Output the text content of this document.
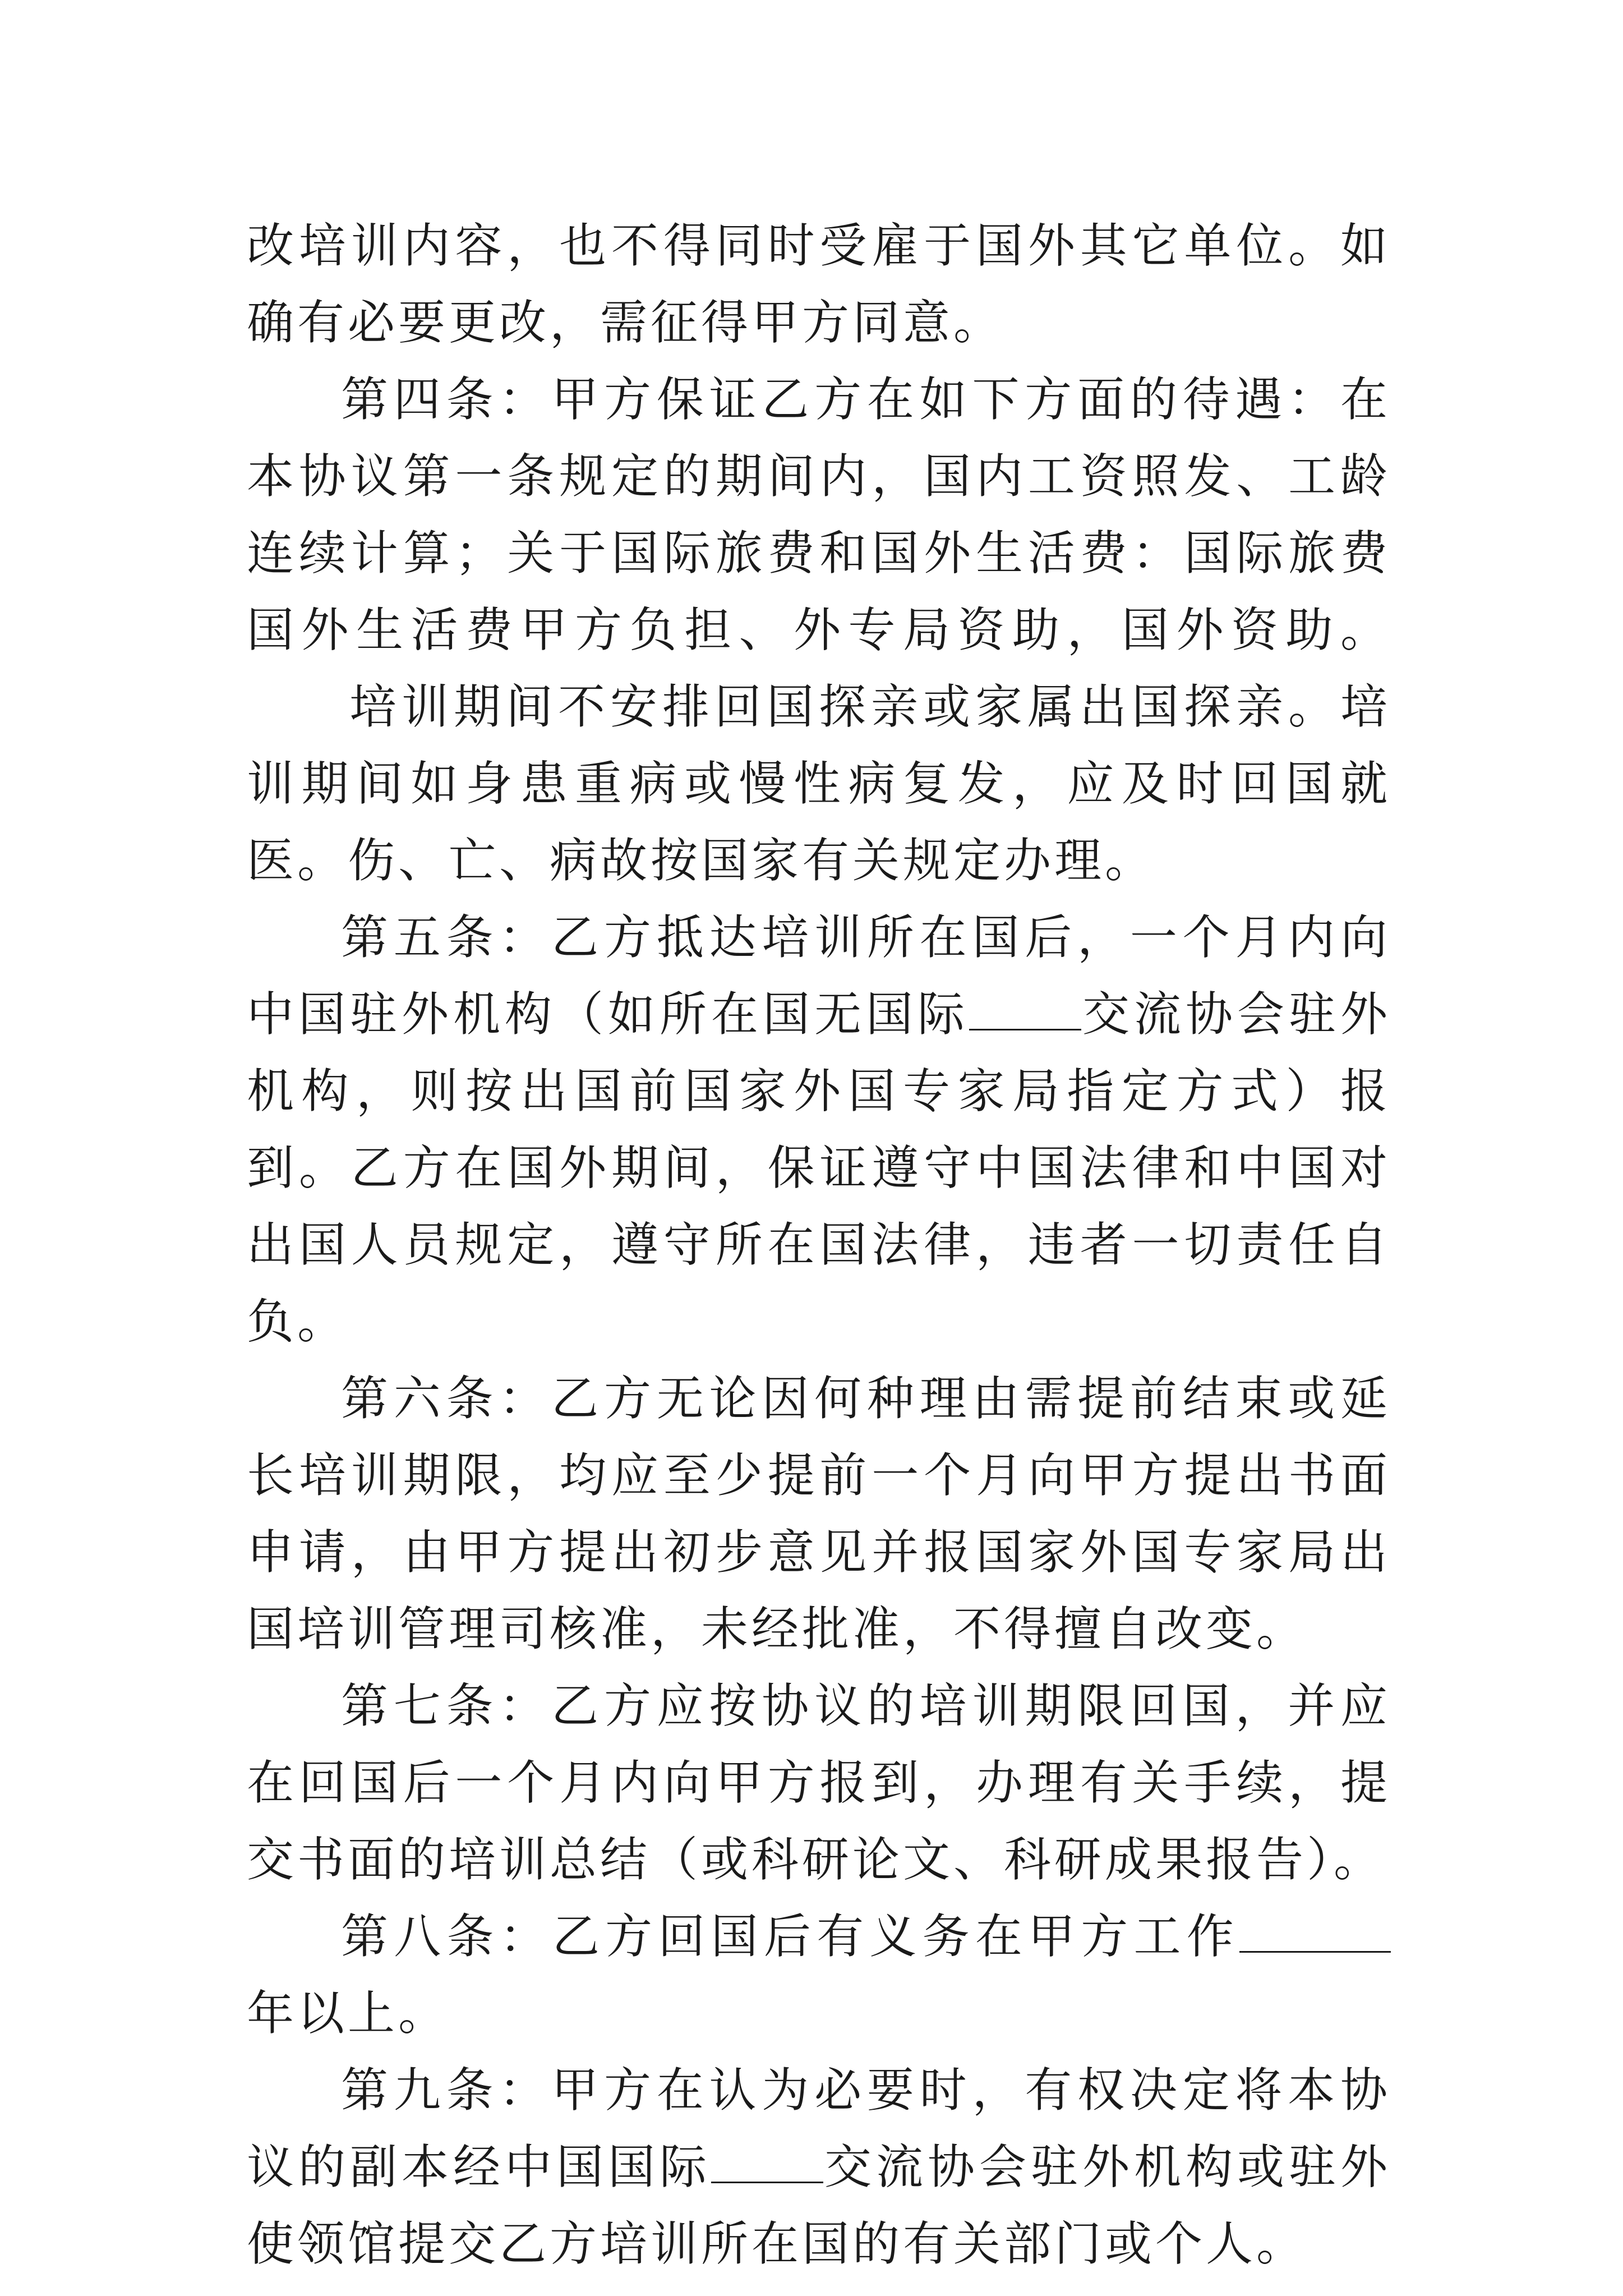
改培训内容，也不得同时受雇于国外其它单位。如确有必要更改，需征得甲方同意。

第四条：甲方保证乙方在如下方面的待遇：在本协议第一条规定的期间内，国内工资照发、工龄连续计算；关于国际旅费和国外生活费：国际旅费国外生活费甲方负担、外专局资助，国外资助。培训期间不安排回国探亲或家属出国探亲。培训期间如身患重病或慢性病复发，应及时回国就医。伤、亡、病故按国家有关规定办理。

第五条：乙方抵达培训所在国后，一个月内向中国驻外机构（如所在国无国际 交流协会驻外机构，则按出国前国家外国专家局指定方式）报到。乙方在国外期间，保证遵守中国法律和中国对出国人员规定，遵守所在国法律，违者一切责任自负。

第六条：乙方无论因何种理由需提前结束或延长培训期限，均应至少提前一个月向甲方提出书面申请，由甲方提出初步意见并报国家外国专家局出国培训管理司核准，未经批准，不得擅自改变。

第七条：乙方应按协议的培训期限回国，并应在回国后一个月内向甲方报到，办理有关手续，提交书面的培训总结（或科研论文、科研成果报告）。

第八条：乙方回国后有义务在甲方工作年以上。

第九条：甲方在认为必要时，有权决定将本协议的副本经中国国际 交流协会驻外机构或驻外使领馆提交乙方培训所在国的有关部门或个人。
